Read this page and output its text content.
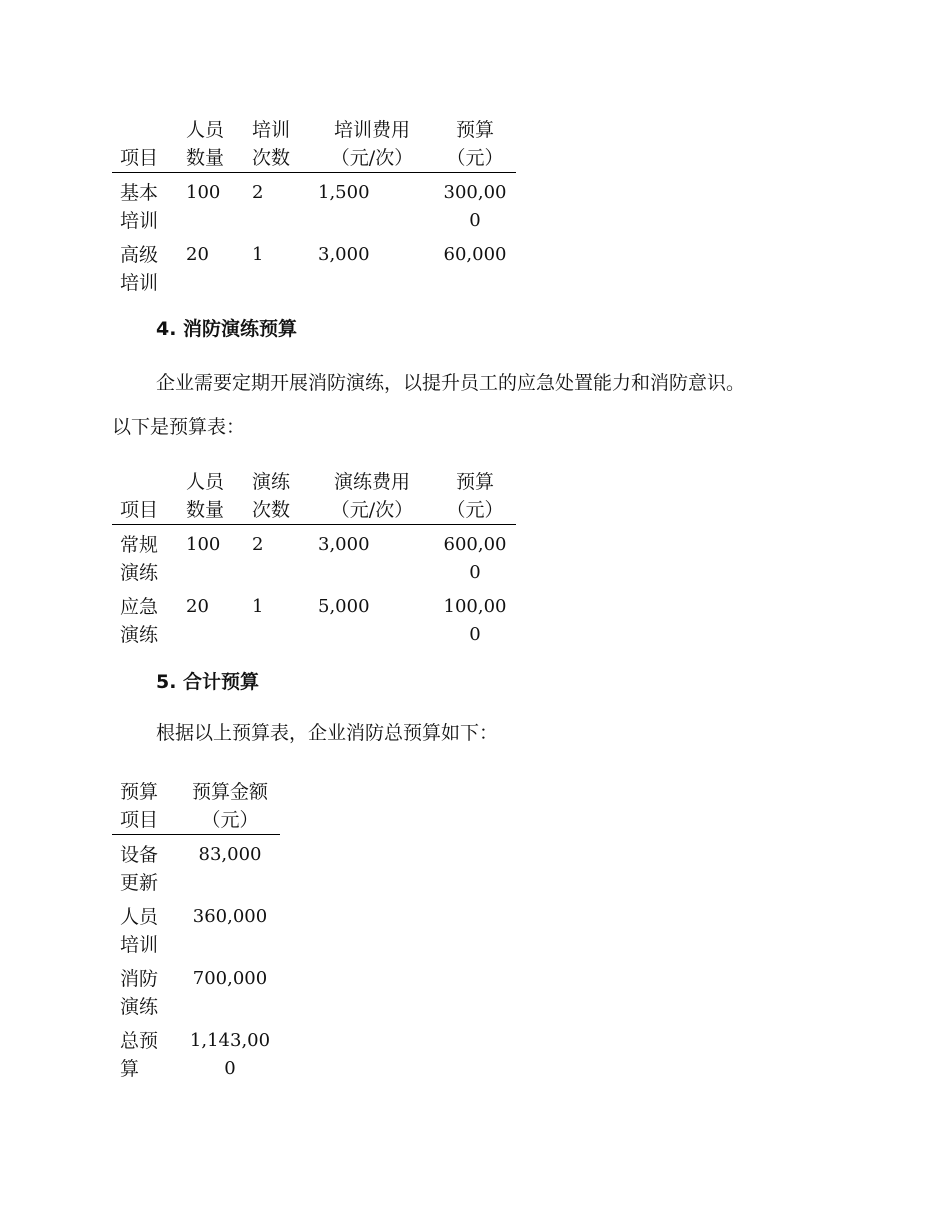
项目	人员数量	培训次数	培训费用（元/次）	预算（元）
基本培训	100	2	1,500	300,000
高级培训	20	1	3,000	60,000
4. 消防演练预算

企业需要定期开展消防演练，以提升员工的应急处置能力和消防意识。
以下是预算表：

项目	人员数量	演练次数	演练费用（元/次）	预算（元）
常规演练	100	2	3,000	600,000
应急演练	20	1	5,000	100,000
5. 合计预算

根据以上预算表，企业消防总预算如下：

预算项目	预算金额（元）
设备更新	83,000
人员培训	360,000
消防演练	700,000
总预算	1,143,000
